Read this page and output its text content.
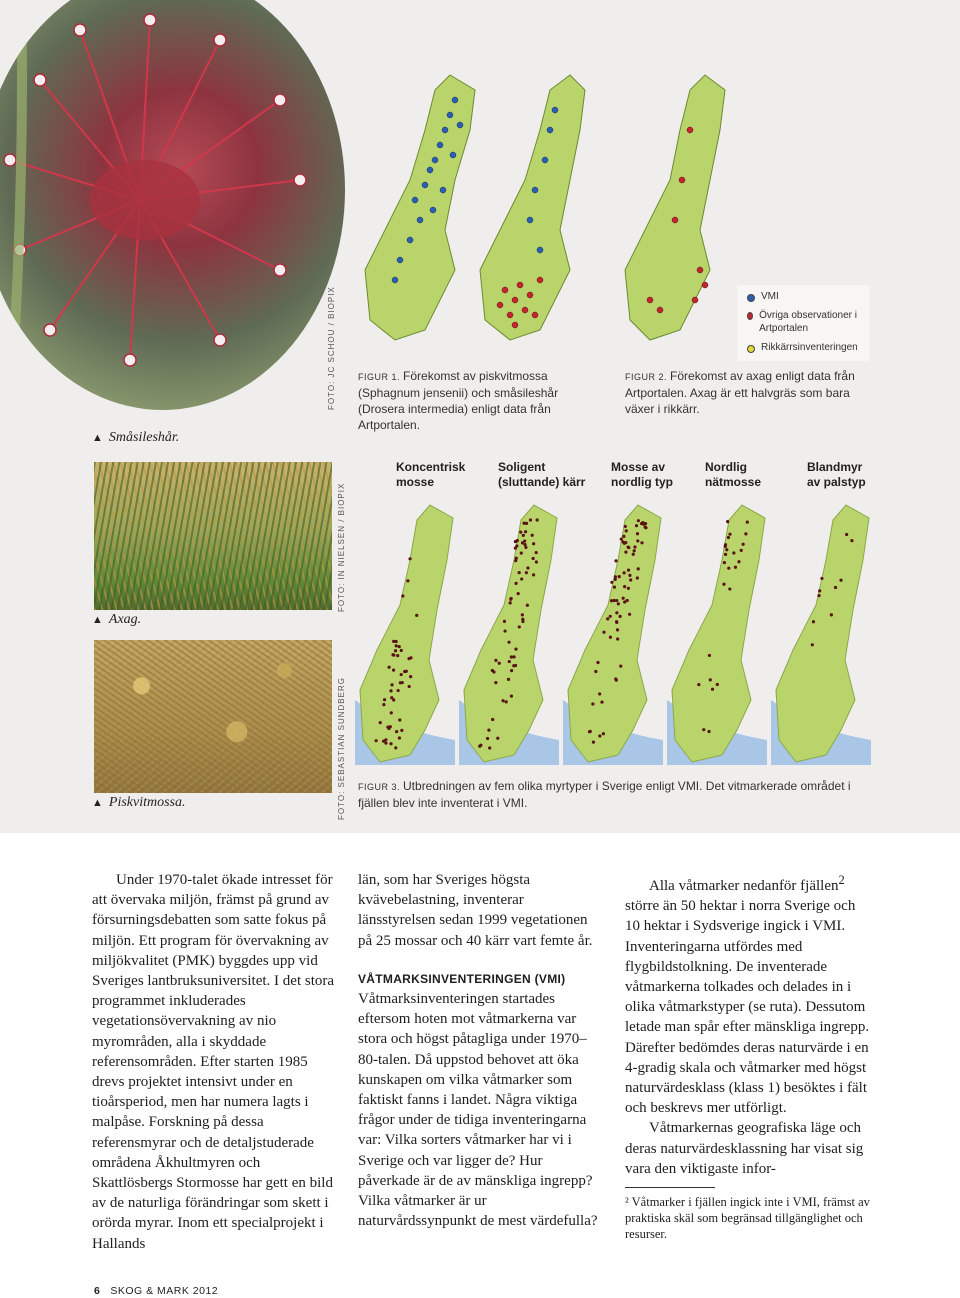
FOTO: JC SCHOU / BIOPIX
▲ Småsileshår.
FOTO: IN NIELSEN / BIOPIX
▲ Axag.
FOTO: SEBASTIAN SUNDBERG
▲ Piskvitmossa.
FIGUR 1. Förekomst av piskvitmossa (Sphagnum jensenii) och småsileshår (Drosera intermedia) enligt data från Artportalen.
FIGUR 2. Förekomst av axag enligt data från Artportalen. Axag är ett halvgräs som bara växer i rikkärr.
VMI
Övriga observationer i Artportalen
Rikkärrsinventeringen
Koncentrisk
mosse
Soligent
(sluttande) kärr
Mosse av
nordlig typ
Nordlig
nätmosse
Blandmyr
av palstyp
FIGUR 3. Utbredningen av fem olika myrtyper i Sverige enligt VMI. Det vitmarkerade området i fjällen blev inte inventerat i VMI.

Under 1970-talet ökade intresset för att övervaka miljön, främst på grund av försurningsdebatten som satte fokus på miljön. Ett program för övervakning av miljökvalitet (PMK) byggdes upp vid Sveriges lantbruksuniversitet. I det stora programmet inkluderades vegetationsövervakning av nio myrområden, alla i skyddade referensområden. Efter starten 1985 drevs projektet intensivt under en tioårsperiod, men har numera lagts i malpåse. Forskning på dessa referensmyrar och de detaljstuderade områdena Åkhultmyren och Skattlösbergs Stormosse har gett en bild av de naturliga förändringar som skett i orörda myrar. Inom ett specialprojekt i Hallands

län, som har Sveriges högsta kvävebelastning, inventerar länsstyrelsen sedan 1999 vegetationen på 25 mossar och 40 kärr vart femte år.

VÅTMARKSINVENTERINGEN (VMI)

Våtmarksinventeringen startades eftersom hoten mot våtmarkerna var stora och högst påtagliga under 1970–80-talen. Då uppstod behovet att öka kunskapen om vilka våtmarker som faktiskt fanns i landet. Några viktiga frågor under de tidiga inventeringarna var: Vilka sorters våtmarker har vi i Sverige och var ligger de? Hur påverkade är de av mänskliga ingrepp? Vilka våtmarker är ur naturvårdssynpunkt de mest värdefulla?

Alla våtmarker nedanför fjällen$^2$ större än 50 hektar i norra Sverige och 10 hektar i Sydsverige ingick i VMI. Inventeringarna utfördes med flygbildstolkning. De inventerade våtmarkerna tolkades och delades in i olika våtmarkstyper (se ruta). Dessutom letade man spår efter mänskliga ingrepp. Därefter bedömdes deras naturvärde i en 4-gradig skala och våtmarker med högst naturvärdesklass (klass 1) besöktes i fält och beskrevs mer utförligt.

Våtmarkernas geografiska läge och deras naturvärdesklassning har visat sig vara den viktigaste infor-

² Våtmarker i fjällen ingick inte i VMI, främst av praktiska skäl som begränsad tillgänglighet och resurser.

6 SKOG & MARK 2012
